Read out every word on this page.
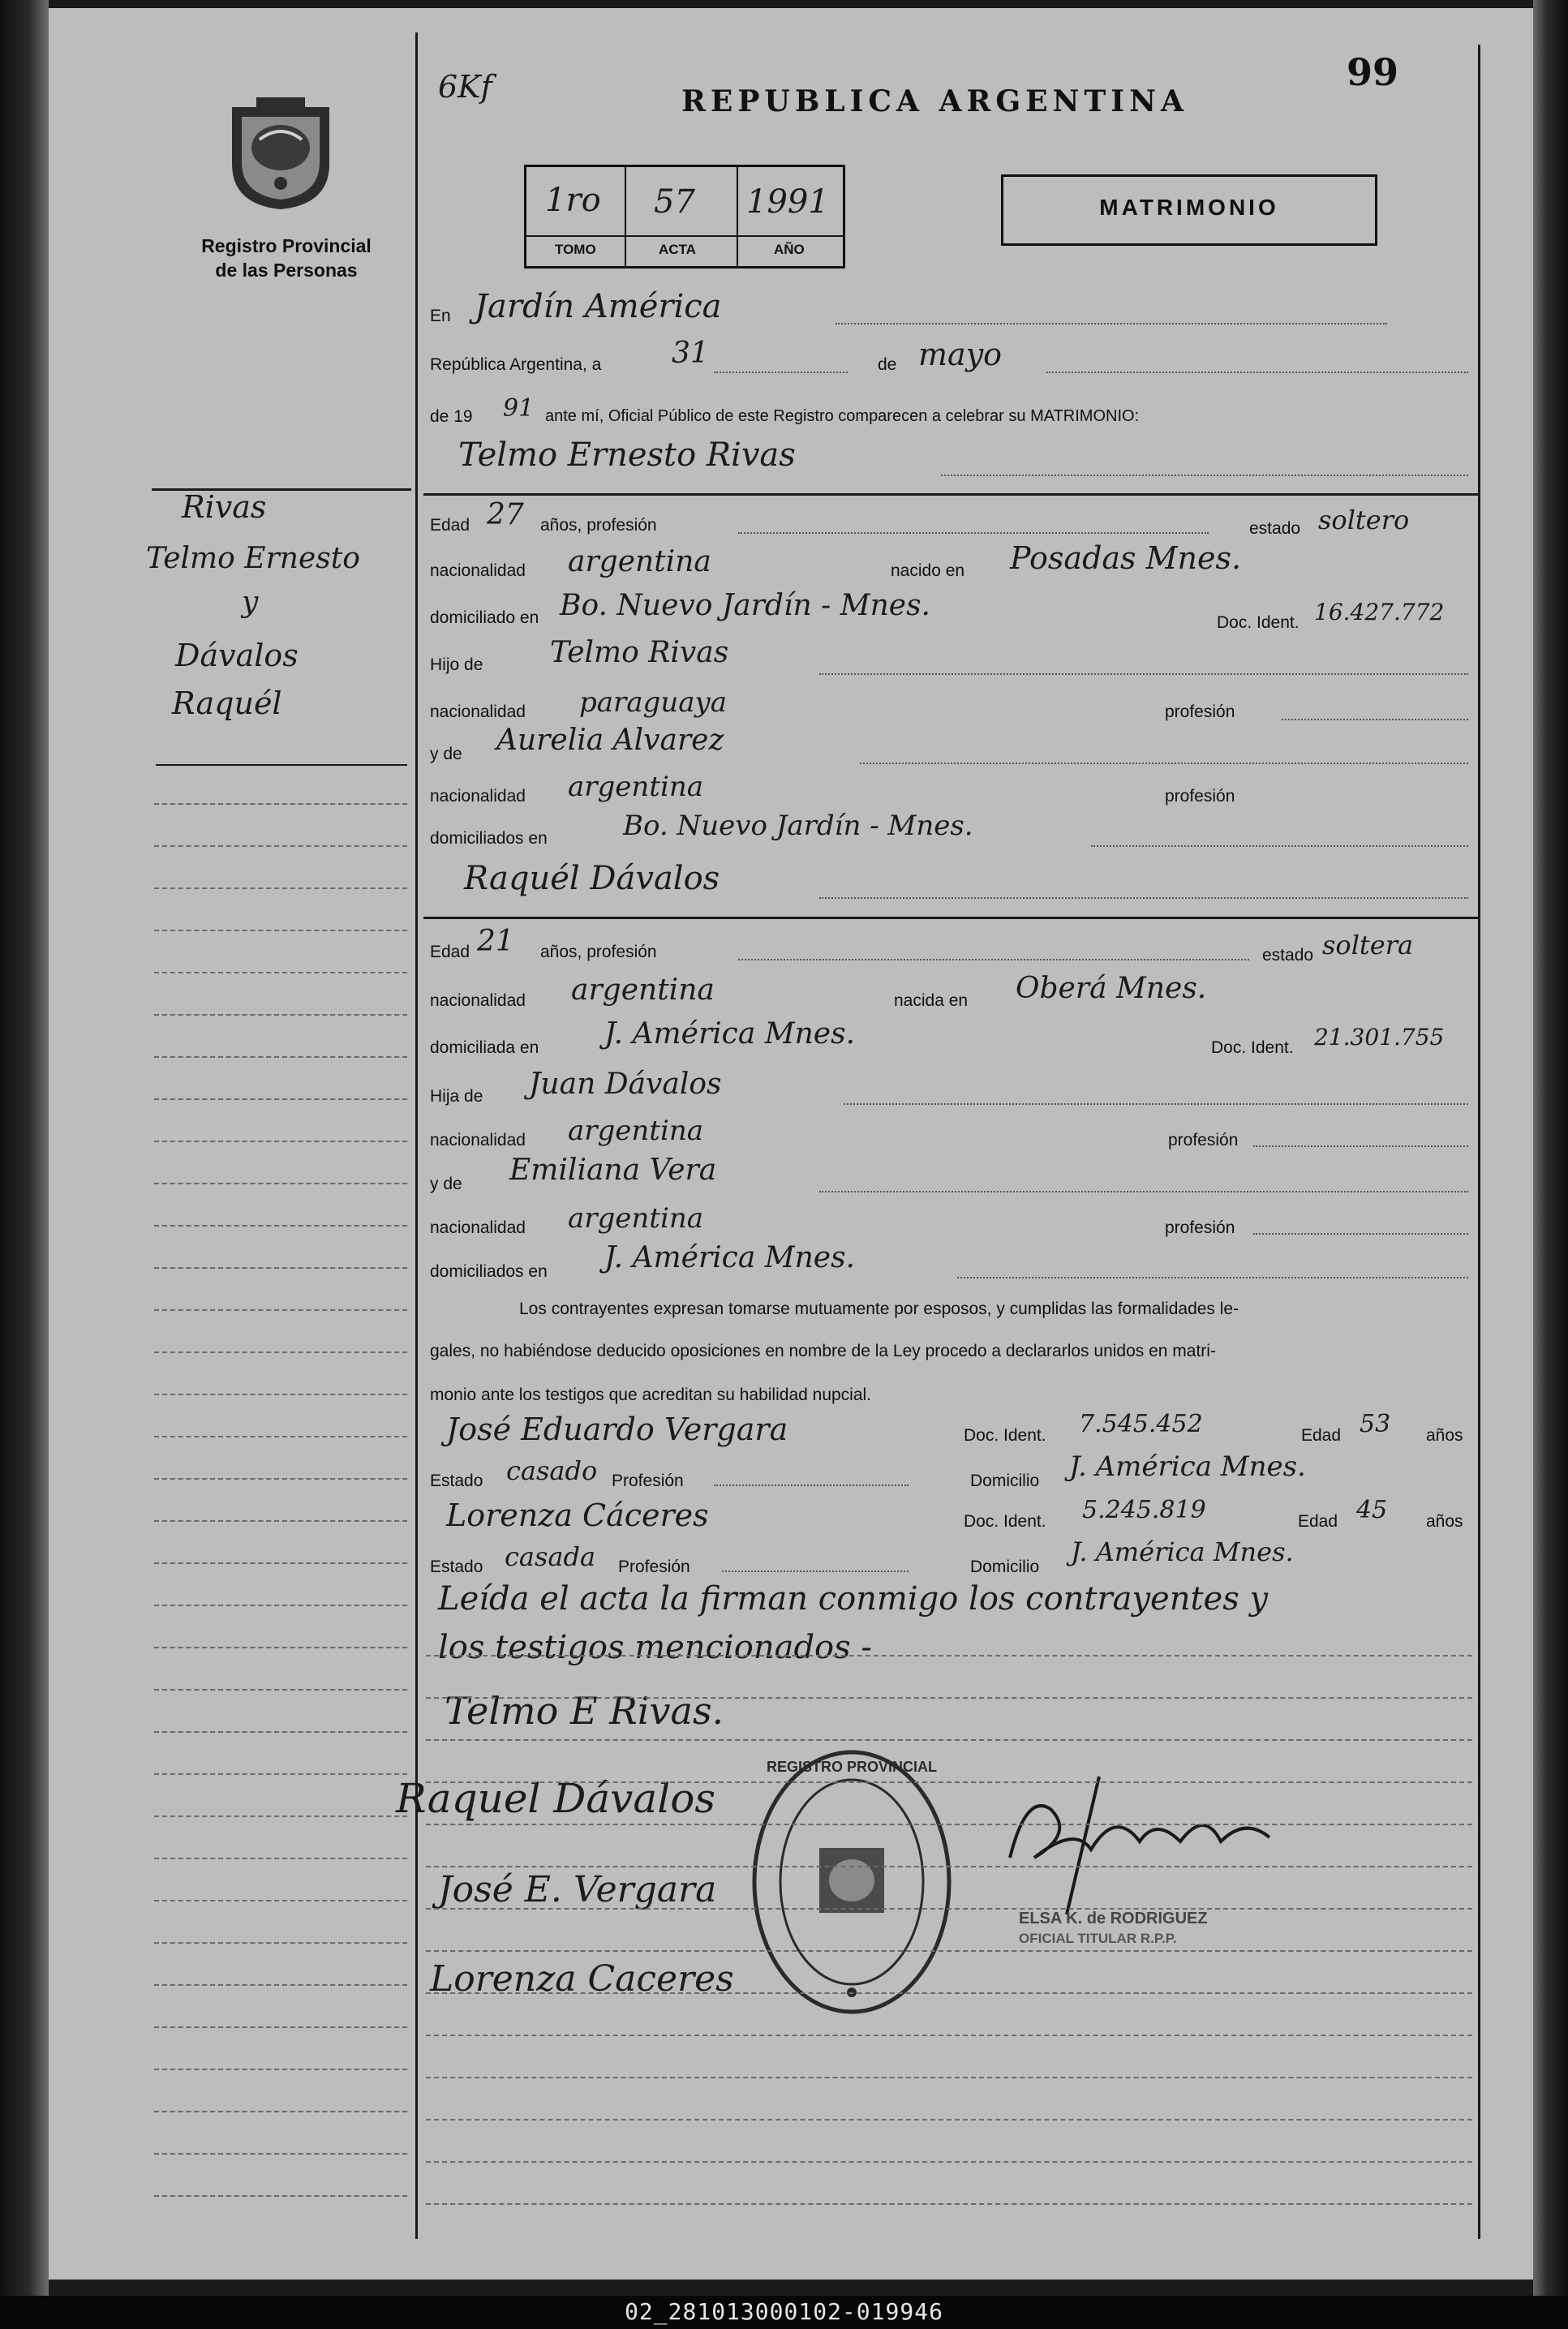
99
6Kf	REPUBLICA ARGENTINA
Registro Provincial
de las Personas
1ro 57 1991
TOMO	ACTA	AÑO
MATRIMONIO
Rivas
Telmo Ernesto
y
Dávalos
Raquél
En Jardín América
República Argentina, a 31	de mayo
de 19 91 ante mí, Oficial Público de este Registro comparecen a celebrar su MATRIMONIO:
Telmo Ernesto Rivas
Edad 27 años, profesión	estado soltero
nacionalidad argentina	nacido en Posadas Mnes.
domiciliado en Bo. Nuevo Jardín - Mnes.
Doc. Ident. 16.427.772
Hijo de Telmo Rivas
nacionalidad paraguaya	profesión
y de Aurelia Alvarez
nacionalidad argentina	profesión
domiciliados en	Bo. Nuevo Jardín - Mnes.
Raquél Dávalos
Edad 21 años, profesión	estado soltera
nacionalidad argentina	nacida en Oberá Mnes.
domiciliada en J. América Mnes.	Doc. Ident. 21.301.755
Hija de Juan Dávalos
nacionalidad argentina	profesión
y de Emiliana Vera
nacionalidad argentina	profesión
domiciliados en J. América Mnes.
Los contrayentes expresan tomarse mutuamente por esposos, y cumplidas las formalidades le-
gales, no habiéndose deducido oposiciones en nombre de la Ley procedo a declararlos unidos en matri-
monio ante los testigos que acreditan su habilidad nupcial.
José Eduardo Vergara	Doc. Ident. 7.545.452	Edad 53 años
Estado casado Profesión	Domicilio J. América Mnes.
Lorenza Cáceres	Doc. Ident. 5.245.819	Edad 45 años
Estado casada Profesión	Domicilio J. América Mnes.
Leída el acta la firman conmigo los contrayentes y
los testigos mencionados -
Telmo E Rivas.
Raquel Dávalos
José E. Vergara
Lorenza Caceres
REGISTRO PROVINCIAL
ELSA K. de RODRIGUEZ
OFICIAL TITULAR R.P.P.
02_281013000102-019946
